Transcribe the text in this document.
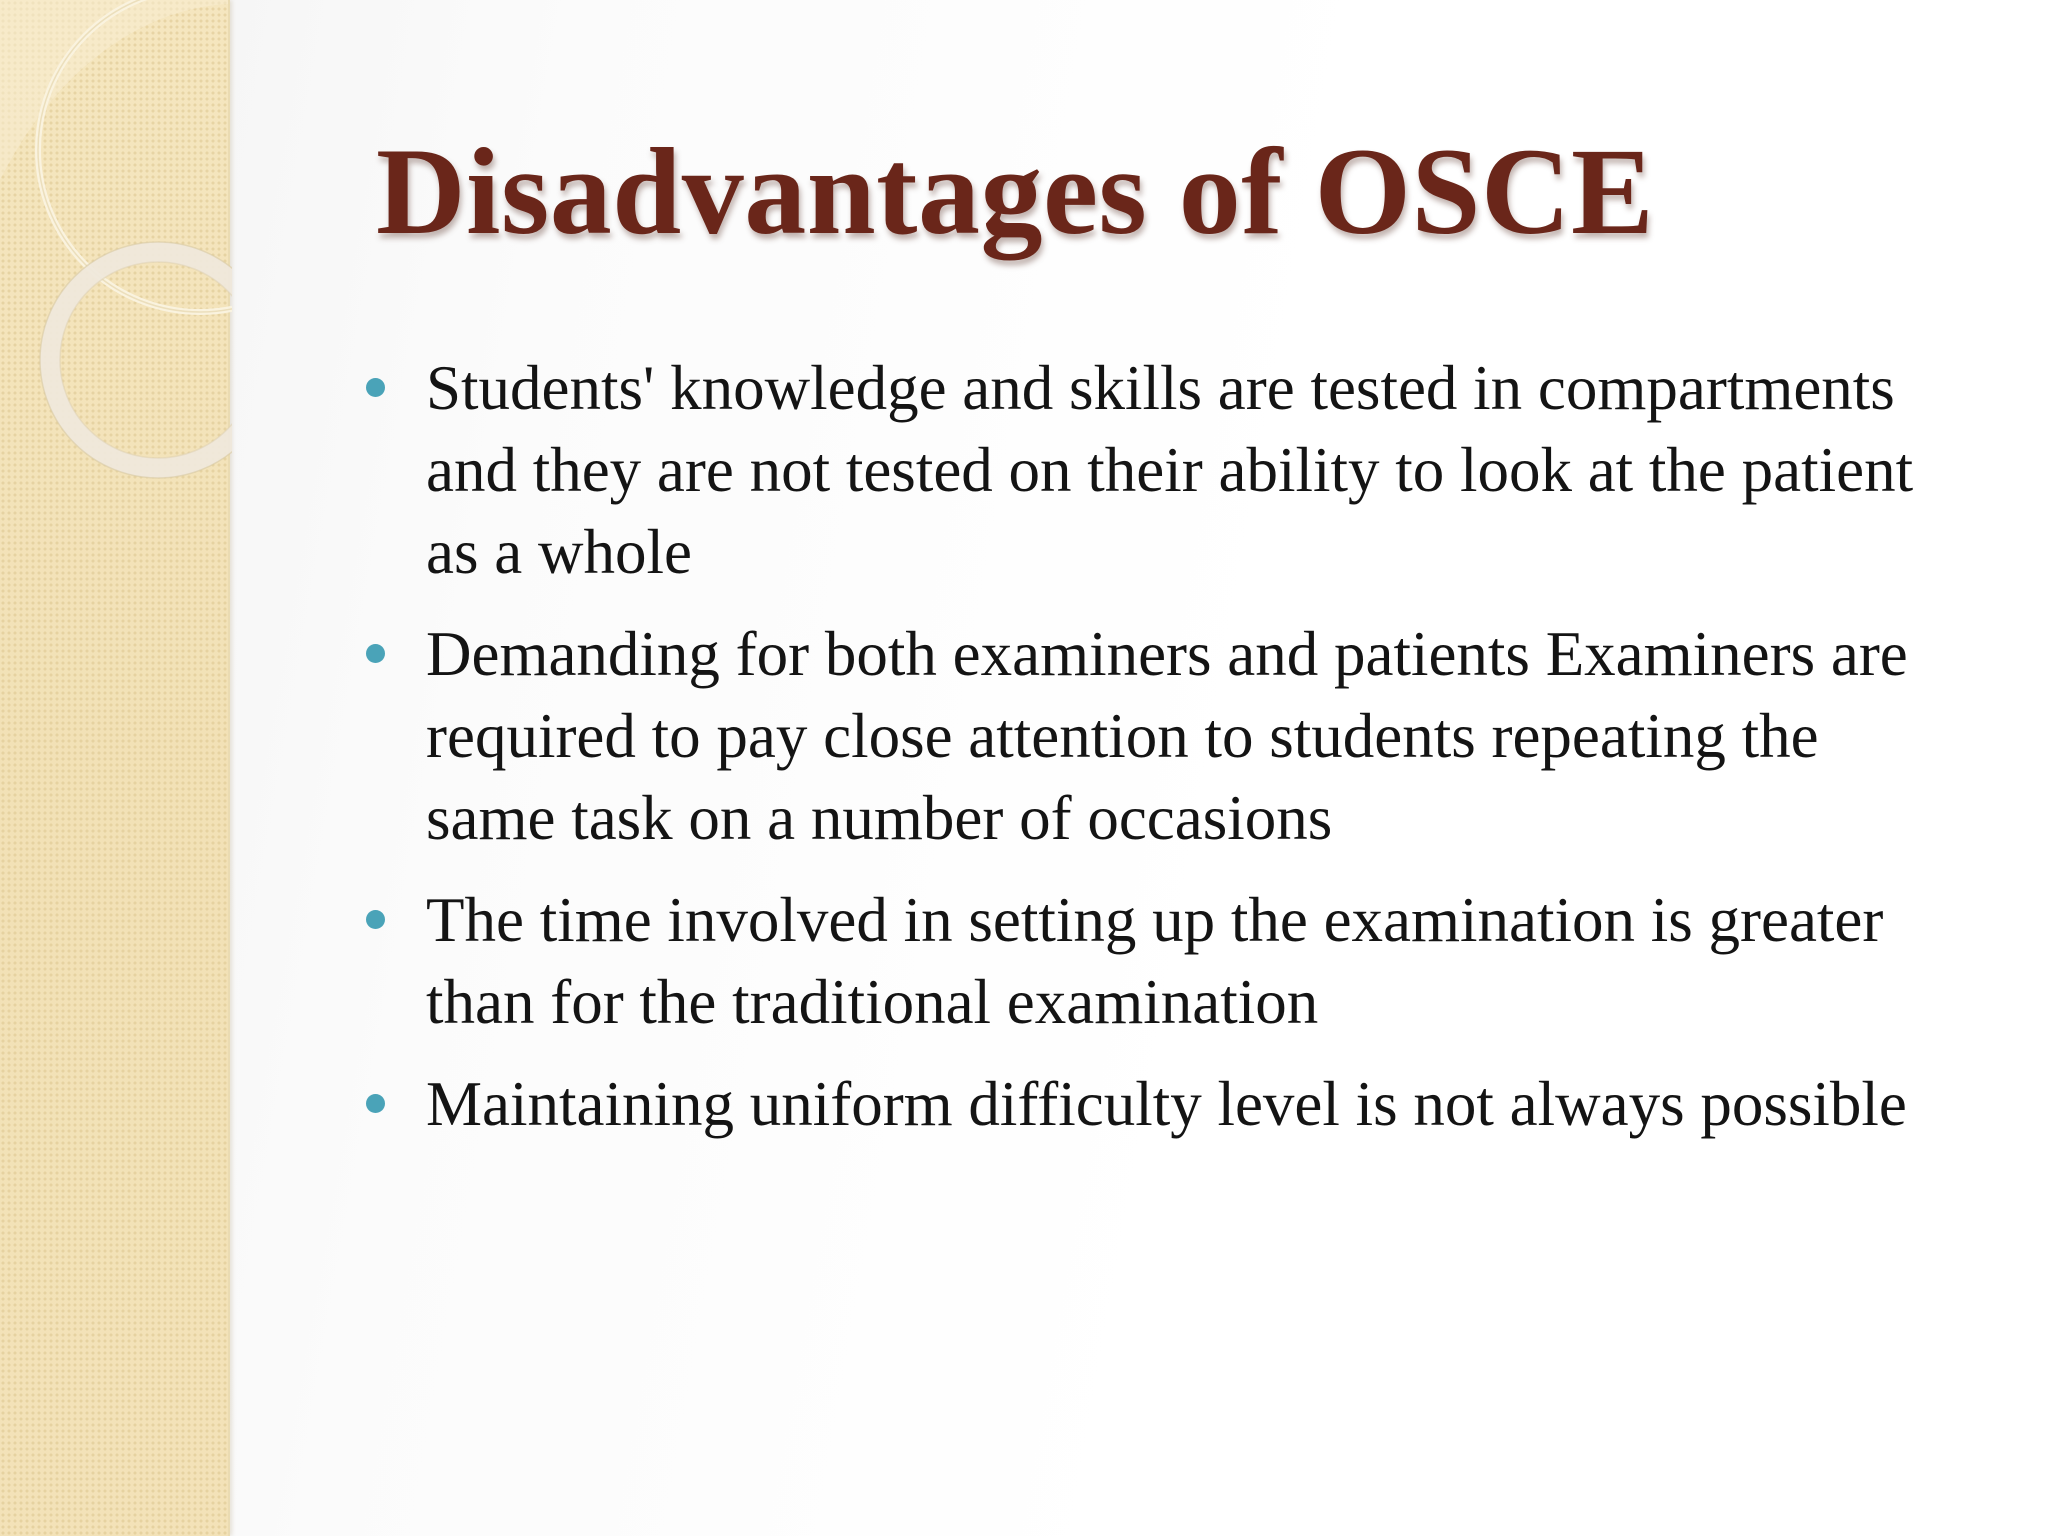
Disadvantages of OSCE
Students' knowledge and skills are tested in compartments and they are not tested on their ability to look at the patient as a whole
Demanding for both examiners and patients Examiners are required to pay close attention to students repeating the same task on a number of occasions
The time involved in setting up the examination is greater than for the traditional examination
Maintaining uniform difficulty level is not always possible
